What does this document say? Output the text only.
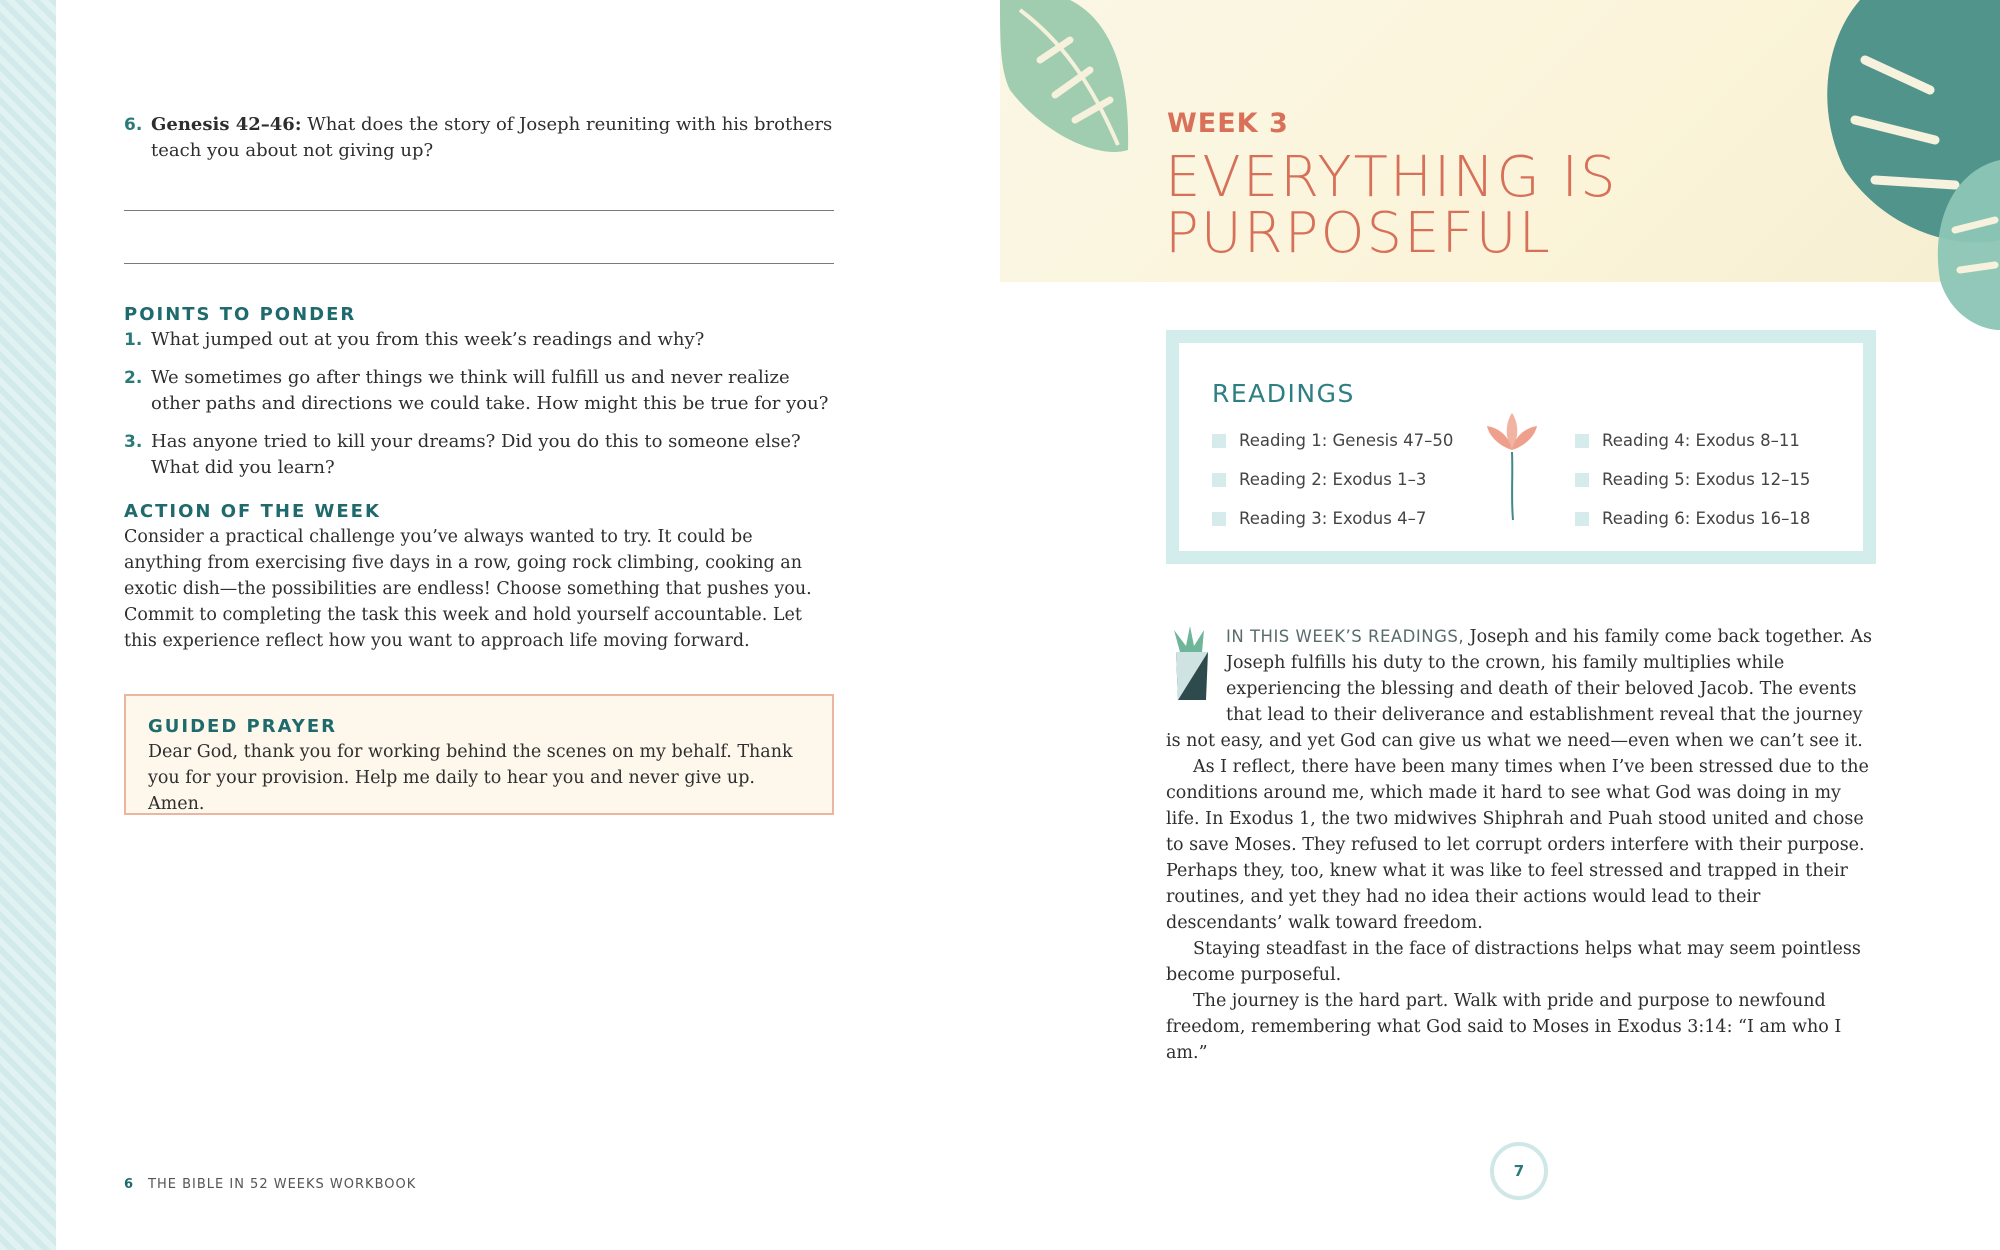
6. Genesis 42–46: What does the story of Joseph reuniting with his brothers teach you about not giving up?
POINTS TO PONDER
1. What jumped out at you from this week’s readings and why?
2. We sometimes go after things we think will fulfill us and never realize other paths and directions we could take. How might this be true for you?
3. Has anyone tried to kill your dreams? Did you do this to someone else? What did you learn?
ACTION OF THE WEEK
Consider a practical challenge you’ve always wanted to try. It could be anything from exercising five days in a row, going rock climbing, cooking an exotic dish—the possibilities are endless! Choose something that pushes you. Commit to completing the task this week and hold yourself accountable. Let this experience reflect how you want to approach life moving forward.
GUIDED PRAYER
Dear God, thank you for working behind the scenes on my behalf. Thank you for your provision. Help me daily to hear you and never give up. Amen.
6 THE BIBLE IN 52 WEEKS WORKBOOK
WEEK 3
EVERYTHING IS
PURPOSEFUL
READINGS
Reading 1: Genesis 47–50
Reading 2: Exodus 1–3
Reading 3: Exodus 4–7
Reading 4: Exodus 8–11
Reading 5: Exodus 12–15
Reading 6: Exodus 16–18

IN THIS WEEK’S READINGS, Joseph and his family come back together. As Joseph fulfills his duty to the crown, his family multiplies while experiencing the blessing and death of their beloved Jacob. The events that lead to their deliverance and establishment reveal that the journey is not easy, and yet God can give us what we need—even when we can’t see it.

As I reflect, there have been many times when I’ve been stressed due to the conditions around me, which made it hard to see what God was doing in my life. In Exodus 1, the two midwives Shiphrah and Puah stood united and chose to save Moses. They refused to let corrupt orders interfere with their purpose. Perhaps they, too, knew what it was like to feel stressed and trapped in their routines, and yet they had no idea their actions would lead to their descendants’ walk toward freedom.

Staying steadfast in the face of distractions helps what may seem pointless become purposeful.

The journey is the hard part. Walk with pride and purpose to newfound freedom, remembering what God said to Moses in Exodus 3:14: “I am who I am.”

7
